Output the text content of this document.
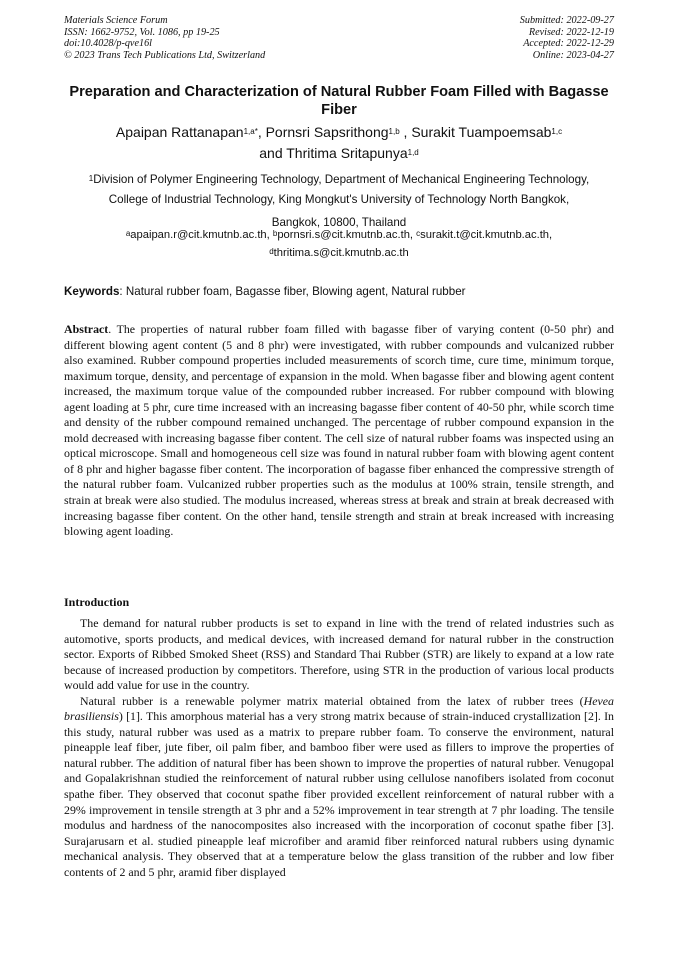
Materials Science Forum
ISSN: 1662-9752, Vol. 1086, pp 19-25
doi:10.4028/p-qve16l
© 2023 Trans Tech Publications Ltd, Switzerland
Submitted: 2022-09-27
Revised: 2022-12-19
Accepted: 2022-12-29
Online: 2023-04-27
Preparation and Characterization of Natural Rubber Foam Filled with Bagasse Fiber
Apaipan Rattanapan$^{1,a*}$, Pornsri Sapsrithong$^{1,b}$ , Surakit Tuampoemsab$^{1,c}$
and Thritima Sritapunya$^{1,d}$
$^1$Division of Polymer Engineering Technology, Department of Mechanical Engineering Technology,
College of Industrial Technology, King Mongkut's University of Technology North Bangkok,
Bangkok, 10800, Thailand
$^a$apaipan.r@cit.kmutnb.ac.th, $^b$pornsri.s@cit.kmutnb.ac.th, $^c$surakit.t@cit.kmutnb.ac.th,
$^d$thritima.s@cit.kmutnb.ac.th
Keywords: Natural rubber foam, Bagasse fiber, Blowing agent, Natural rubber
Abstract. The properties of natural rubber foam filled with bagasse fiber of varying content (0-50 phr) and different blowing agent content (5 and 8 phr) were investigated, with rubber compounds and vulcanized rubber also examined. Rubber compound properties included measurements of scorch time, cure time, minimum torque, maximum torque, density, and percentage of expansion in the mold. When bagasse fiber and blowing agent content increased, the maximum torque value of the compounded rubber increased. For rubber compound with blowing agent loading at 5 phr, cure time increased with an increasing bagasse fiber content of 40-50 phr, while scorch time and density of the rubber compound remained unchanged. The percentage of rubber compound expansion in the mold decreased with increasing bagasse fiber content. The cell size of natural rubber foams was inspected using an optical microscope. Small and homogeneous cell size was found in natural rubber foam with blowing agent content of 8 phr and higher bagasse fiber content. The incorporation of bagasse fiber enhanced the compressive strength of the natural rubber foam. Vulcanized rubber properties such as the modulus at 100% strain, tensile strength, and strain at break were also studied. The modulus increased, whereas stress at break and strain at break decreased with increasing bagasse fiber content. On the other hand, tensile strength and strain at break increased with increasing blowing agent loading.
Introduction

The demand for natural rubber products is set to expand in line with the trend of related industries such as automotive, sports products, and medical devices, with increased demand for natural rubber in the construction sector. Exports of Ribbed Smoked Sheet (RSS) and Standard Thai Rubber (STR) are likely to expand at a low rate because of increased production by competitors. Therefore, using STR in the production of various local products would add value for use in the country.

Natural rubber is a renewable polymer matrix material obtained from the latex of rubber trees (Hevea brasiliensis) [1]. This amorphous material has a very strong matrix because of strain-induced crystallization [2]. In this study, natural rubber was used as a matrix to prepare rubber foam. To conserve the environment, natural pineapple leaf fiber, jute fiber, oil palm fiber, and bamboo fiber were used as fillers to improve the properties of natural rubber. The addition of natural fiber has been shown to improve the properties of natural rubber. Venugopal and Gopalakrishnan studied the reinforcement of natural rubber using cellulose nanofibers isolated from coconut spathe fiber. They observed that coconut spathe fiber provided excellent reinforcement of natural rubber with a 29% improvement in tensile strength at 3 phr and a 52% improvement in tear strength at 7 phr loading. The tensile modulus and hardness of the nanocomposites also increased with the incorporation of coconut spathe fiber [3]. Surajarusarn et al. studied pineapple leaf microfiber and aramid fiber reinforced natural rubbers using dynamic mechanical analysis. They observed that at a temperature below the glass transition of the rubber and low fiber contents of 2 and 5 phr, aramid fiber displayed
